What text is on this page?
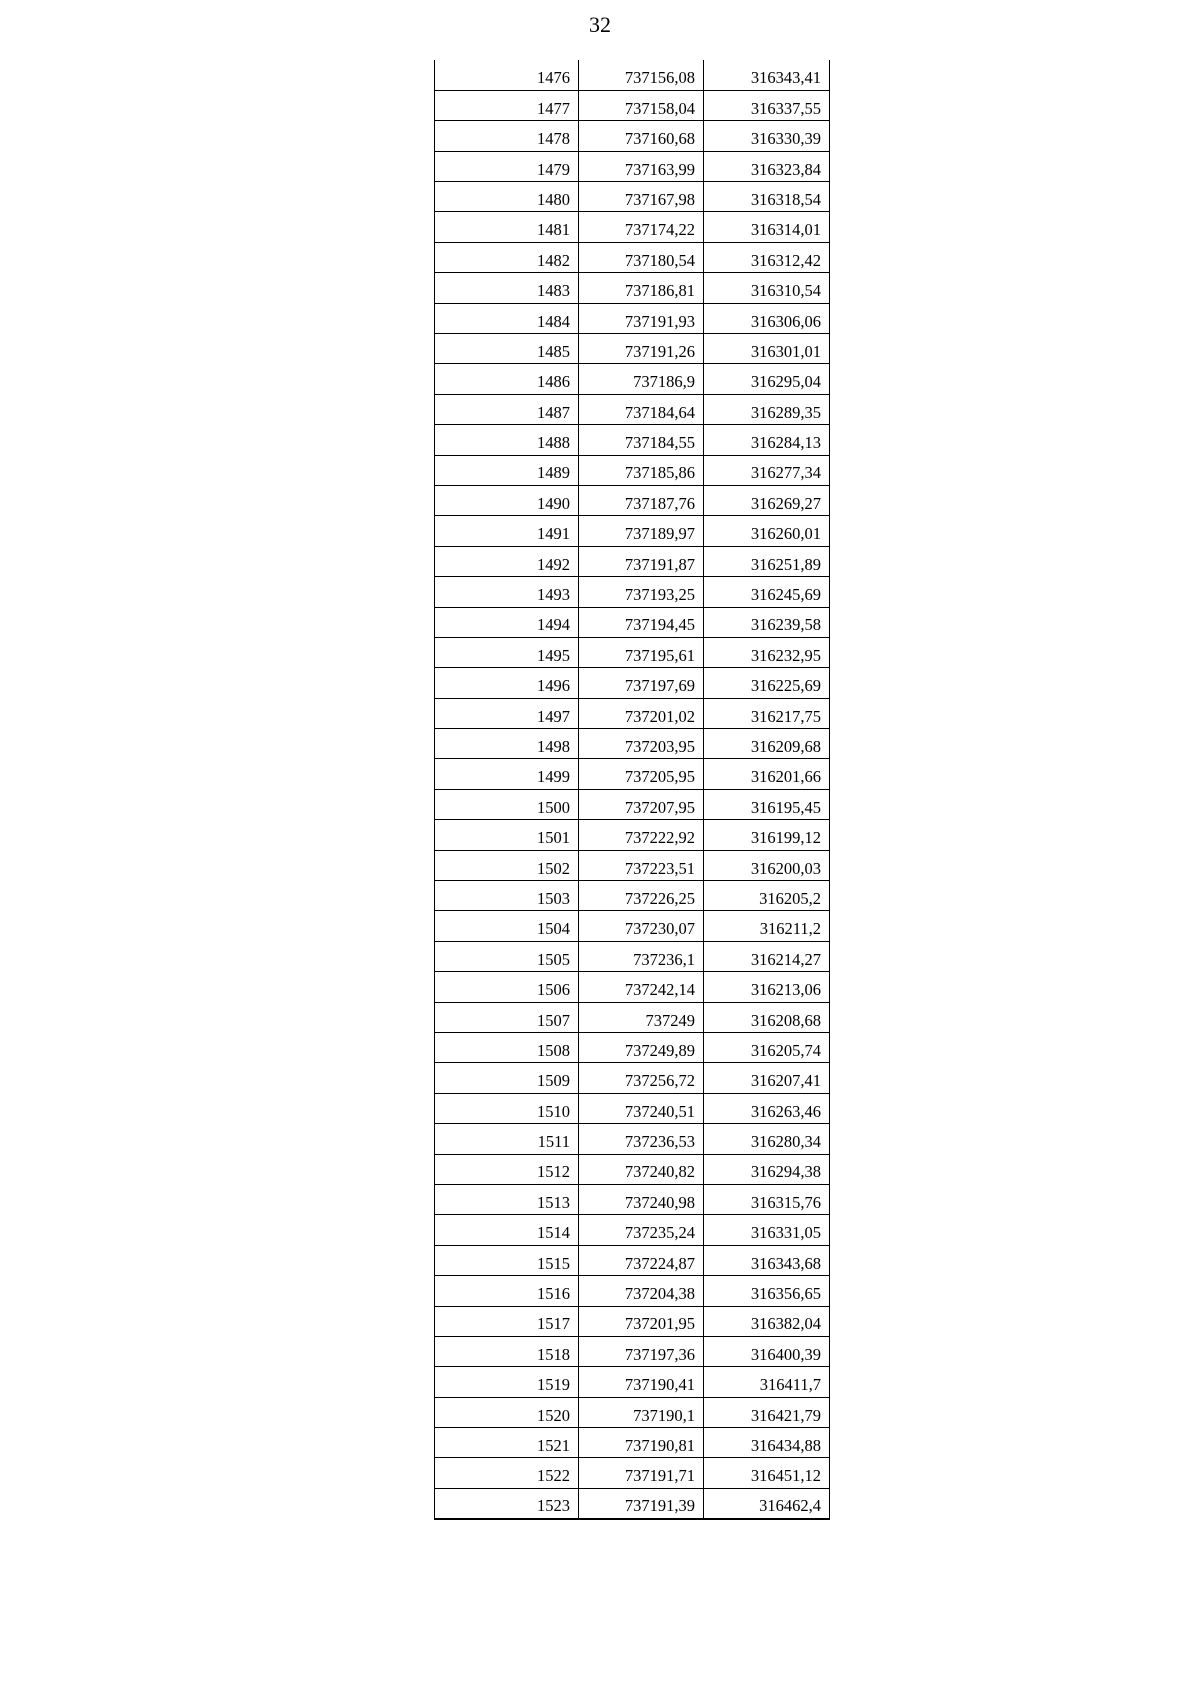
32
1476	737156,08	316343,41
1477	737158,04	316337,55
1478	737160,68	316330,39
1479	737163,99	316323,84
1480	737167,98	316318,54
1481	737174,22	316314,01
1482	737180,54	316312,42
1483	737186,81	316310,54
1484	737191,93	316306,06
1485	737191,26	316301,01
1486	737186,9	316295,04
1487	737184,64	316289,35
1488	737184,55	316284,13
1489	737185,86	316277,34
1490	737187,76	316269,27
1491	737189,97	316260,01
1492	737191,87	316251,89
1493	737193,25	316245,69
1494	737194,45	316239,58
1495	737195,61	316232,95
1496	737197,69	316225,69
1497	737201,02	316217,75
1498	737203,95	316209,68
1499	737205,95	316201,66
1500	737207,95	316195,45
1501	737222,92	316199,12
1502	737223,51	316200,03
1503	737226,25	316205,2
1504	737230,07	316211,2
1505	737236,1	316214,27
1506	737242,14	316213,06
1507	737249	316208,68
1508	737249,89	316205,74
1509	737256,72	316207,41
1510	737240,51	316263,46
1511	737236,53	316280,34
1512	737240,82	316294,38
1513	737240,98	316315,76
1514	737235,24	316331,05
1515	737224,87	316343,68
1516	737204,38	316356,65
1517	737201,95	316382,04
1518	737197,36	316400,39
1519	737190,41	316411,7
1520	737190,1	316421,79
1521	737190,81	316434,88
1522	737191,71	316451,12
1523	737191,39	316462,4
